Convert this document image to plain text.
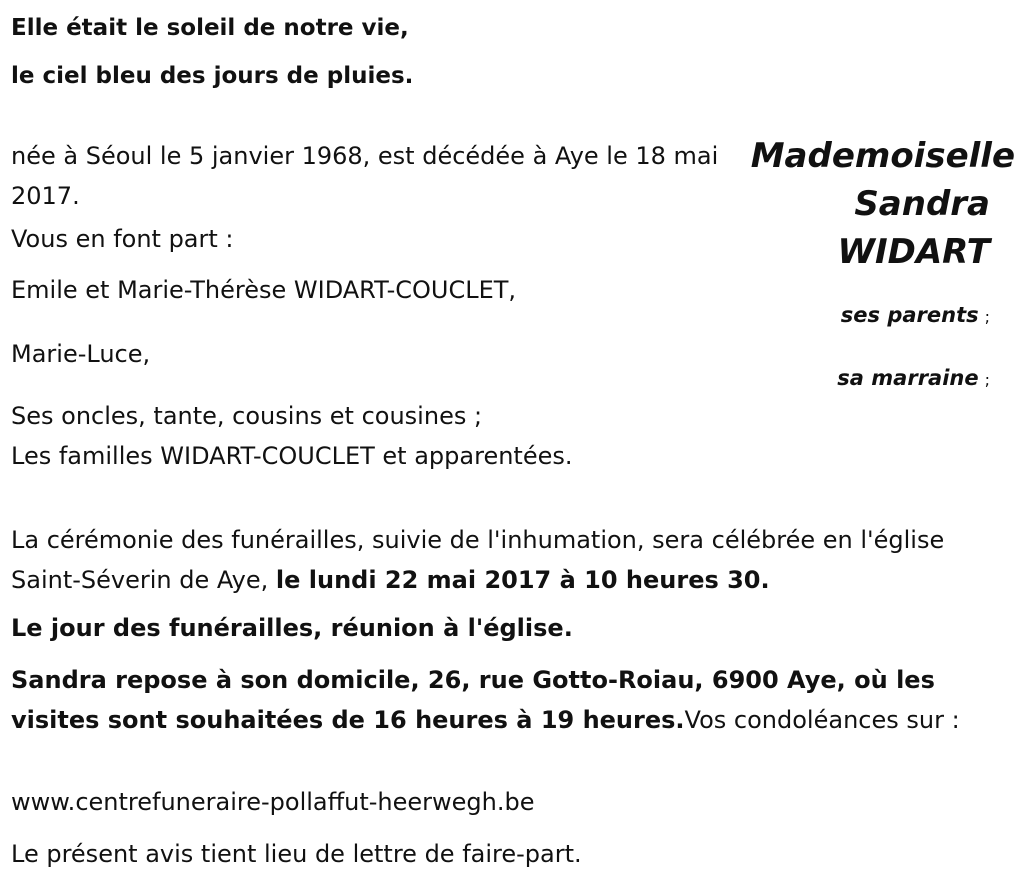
Elle était le soleil de notre vie,
le ciel bleu des jours de pluies.
née à Séoul le 5 janvier 1968, est décédée à Aye le 18 mai 2017.
Mademoiselle
Sandra
WIDART
Vous en font part :
Emile et Marie-Thérèse WIDART-COUCLET,
ses parents ;
Marie-Luce,
sa marraine ;
Ses oncles, tante, cousins et cousines ;
Les familles WIDART-COUCLET et apparentées.
La cérémonie des funérailles, suivie de l'inhumation, sera célébrée en l'église Saint-Séverin de Aye, le lundi 22 mai 2017 à 10 heures 30.
Le jour des funérailles, réunion à l'église.
Sandra repose à son domicile, 26, rue Gotto-Roiau, 6900 Aye, où les visites sont souhaitées de 16 heures à 19 heures.Vos condoléances sur :
www.centrefuneraire-pollaffut-heerwegh.be
Le présent avis tient lieu de lettre de faire-part.
